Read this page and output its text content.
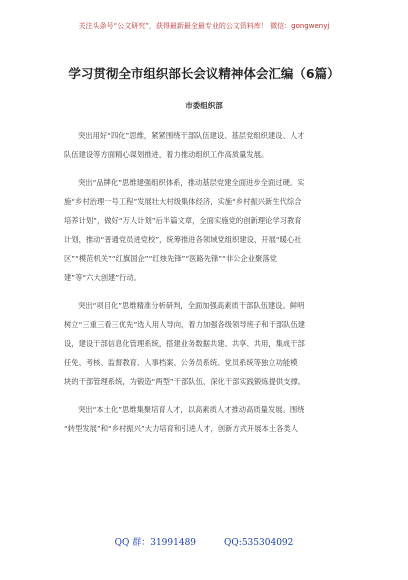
关注头条号“公文研究”，获得最新最全最专业的公文资料库！ 微信：gongwenyj
学习贯彻全市组织部长会议精神体会汇编（6篇）
市委组织部
突出用好“四化”思维，紧紧围绕干部队伍建设、基层党组织建设、人才
队伍建设等方面精心谋划推进，着力推动组织工作高质量发展。
突出“品牌化”思维建强组织体系，推动基层党建全面进步全面过硬。实
施“乡村治理一号工程”发展壮大村级集体经济，实施“乡村振兴新生代综合
培养计划”，做好“万人计划”后半篇文章，全面实施党的创新理论学习教育
计划，推动“普通党员进党校”，统筹推进各领域党组织建设，开展“暖心社
区”“模范机关”“红旗国企”“红烛先锋”“医路先锋”“非公企业聚落党
建”等“六大创建”行动。
突出“项目化”思维精准分析研判，全面加强高素质干部队伍建设。鲜明
树立“三重三看三优先”选人用人导向，着力加强各级领导班子和干部队伍建
设，建设干部信息化管理系统，搭建业务数据共建、共享、共用，集成干部
任免、考核、监督教育、人事档案、公务员系统、党员系统等独立功能模
块的干部管理系统，为锻造“两型”干部队伍、深化干部实践锻炼提供支撑。
突出“本土化”思维集聚培育人才，以高素质人才推动高质量发展。围绕
“转型发展”和“乡村振兴”大力培育和引进人才，创新方式开展本土各类人
QQ 群：31991489	QQ:535304092
